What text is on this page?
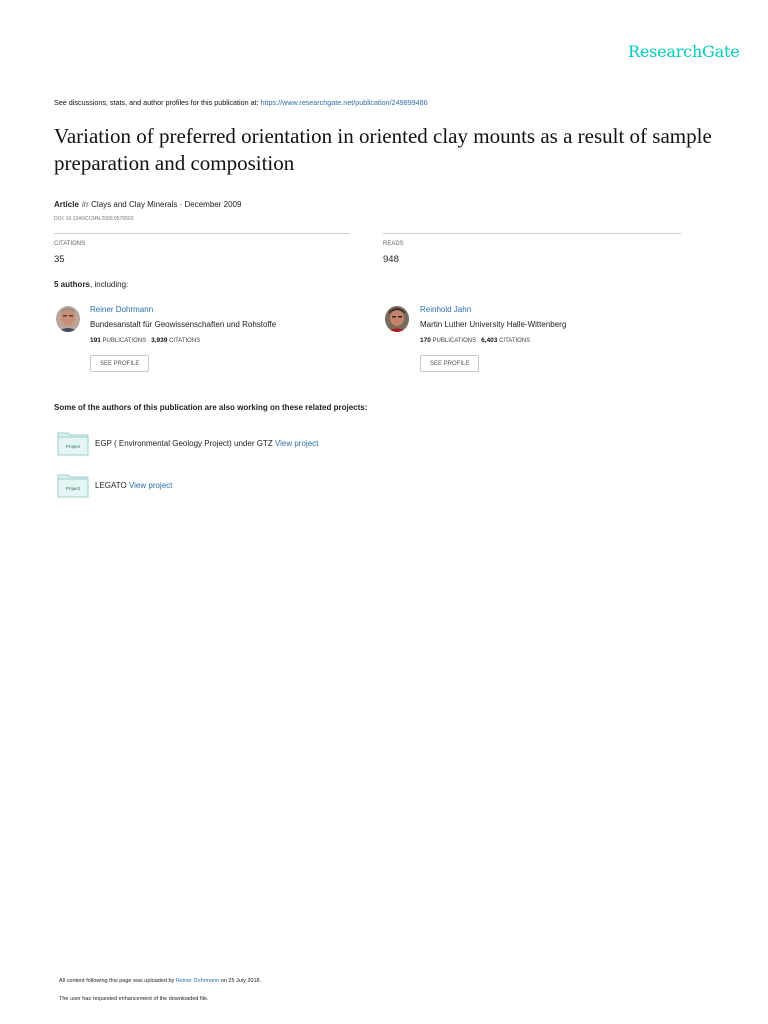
ResearchGate
See discussions, stats, and author profiles for this publication at: https://www.researchgate.net/publication/249899486
Variation of preferred orientation in oriented clay mounts as a result of sample preparation and composition
Article in Clays and Clay Minerals · December 2009
DOI: 10.1346/CCMN.2009.0570602
CITATIONS
35
READS
948
5 authors, including:
Reiner Dohrmann
Bundesanstalt für Geowissenschaften und Rohstoffe
191 PUBLICATIONS 3,939 CITATIONS
SEE PROFILE
Reinhold Jahn
Martin Luther University Halle-Wittenberg
170 PUBLICATIONS 6,403 CITATIONS
SEE PROFILE
Some of the authors of this publication are also working on these related projects:
Project EGP ( Environmental Geology Project) under GTZ View project
Project LEGATO View project
All content following this page was uploaded by Reiner Dohrmann on 25 July 2018.
The user has requested enhancement of the downloaded file.
